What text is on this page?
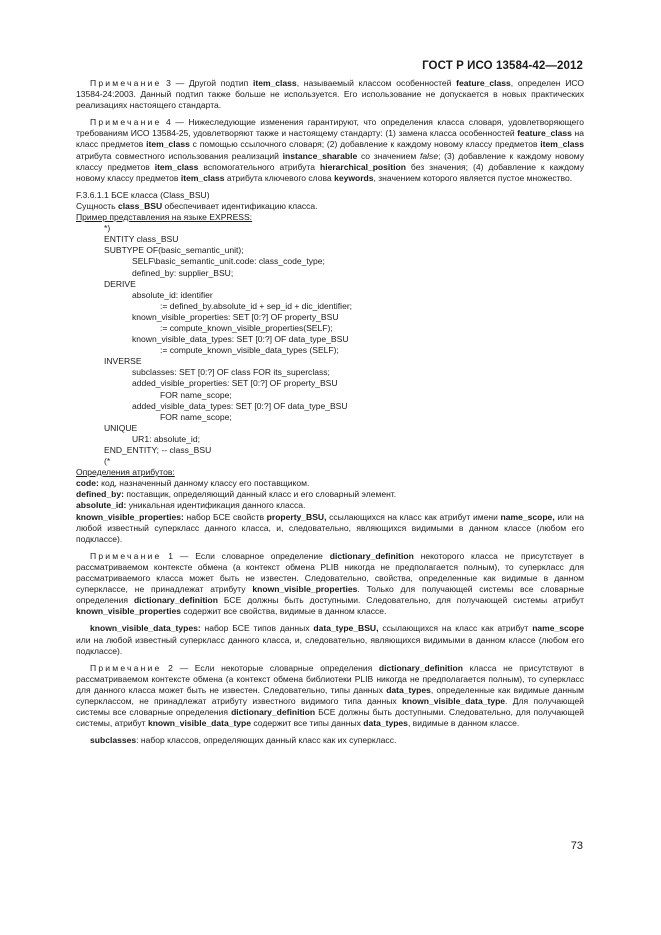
ГОСТ Р ИСО 13584-42—2012

Примечание 3 — Другой подтип item_class, называемый классом особенностей feature_class, определен ИСО 13584-24:2003. Данный подтип также больше не используется. Его использование не допускается в новых практических реализациях настоящего стандарта.

Примечание 4 — Нижеследующие изменения гарантируют, что определения класса словаря, удовлетворяющего требованиям ИСО 13584-25, удовлетворяют также и настоящему стандарту: (1) замена класса особенностей feature_class на класс предметов item_class с помощью ссылочного словаря; (2) добавление к каждому новому классу предметов item_class атрибута совместного использования реализаций instance_sharable со значением false; (3) добавление к каждому новому классу предметов item_class вспомогательного атрибута hierarchical_position без значения; (4) добавление к каждому новому классу предметов item_class атрибута ключевого слова keywords, значением которого является пустое множество.

F.3.6.1.1 БСЕ класса (Class_BSU)
Сущность class_BSU обеспечивает идентификацию класса.
Пример представления на языке EXPRESS:
*)
ENTITY class_BSU
SUBTYPE OF(basic_semantic_unit);
SELF\basic_semantic_unit.code: class_code_type;
defined_by: supplier_BSU;
DERIVE
absolute_id: identifier
:= defined_by.absolute_id + sep_id + dic_identifier;
known_visible_properties: SET [0:?] OF property_BSU
:= compute_known_visible_properties(SELF);
known_visible_data_types: SET [0:?] OF data_type_BSU
:= compute_known_visible_data_types (SELF);
INVERSE
subclasses: SET [0:?] OF class FOR its_superclass;
added_visible_properties: SET [0:?] OF property_BSU
FOR name_scope;
added_visible_data_types: SET [0:?] OF data_type_BSU
FOR name_scope;
UNIQUE
UR1: absolute_id;
END_ENTITY; -- class_BSU
(*
Определения атрибутов:

code: код, назначенный данному классу его поставщиком.

defined_by: поставщик, определяющий данный класс и его словарный элемент.

absolute_id: уникальная идентификация данного класса.

known_visible_properties: набор БСЕ свойств property_BSU, ссылающихся на класс как атрибут имени name_scope, или на любой известный суперкласс данного класса, и, следовательно, являющихся видимыми в данном классе (любом его подклассе).

Примечание 1 — Если словарное определение dictionary_definition некоторого класса не присутствует в рассматриваемом контексте обмена (а контекст обмена PLIB никогда не предполагается полным), то суперкласс для рассматриваемого класса может быть не известен. Следовательно, свойства, определенные как видимые в данном суперклассе, не принадлежат атрибуту known_visible_properties. Только для получающей системы все словарные определения dictionary_definition БСЕ должны быть доступными. Следовательно, для получающей системы атрибут known_visible_properties содержит все свойства, видимые в данном классе.

known_visible_data_types: набор БСЕ типов данных data_type_BSU, ссылающихся на класс как атрибут name_scope или на любой известный суперкласс данного класса, и, следовательно, являющихся видимыми в данном классе (любом его подклассе).

Примечание 2 — Если некоторые словарные определения dictionary_definition класса не присутствуют в рассматриваемом контексте обмена (а контекст обмена библиотеки PLIB никогда не предполагается полным), то суперкласс для данного класса может быть не известен. Следовательно, типы данных data_types, определенные как видимые данным суперклассом, не принадлежат атрибуту известного видимого типа данных known_visible_data_type. Для получающей системы все словарные определения dictionary_definition БСЕ должны быть доступными. Следовательно, для получающей системы, атрибут known_visible_data_type содержит все типы данных data_types, видимые в данном классе.

subclasses: набор классов, определяющих данный класс как их суперкласс.

73
